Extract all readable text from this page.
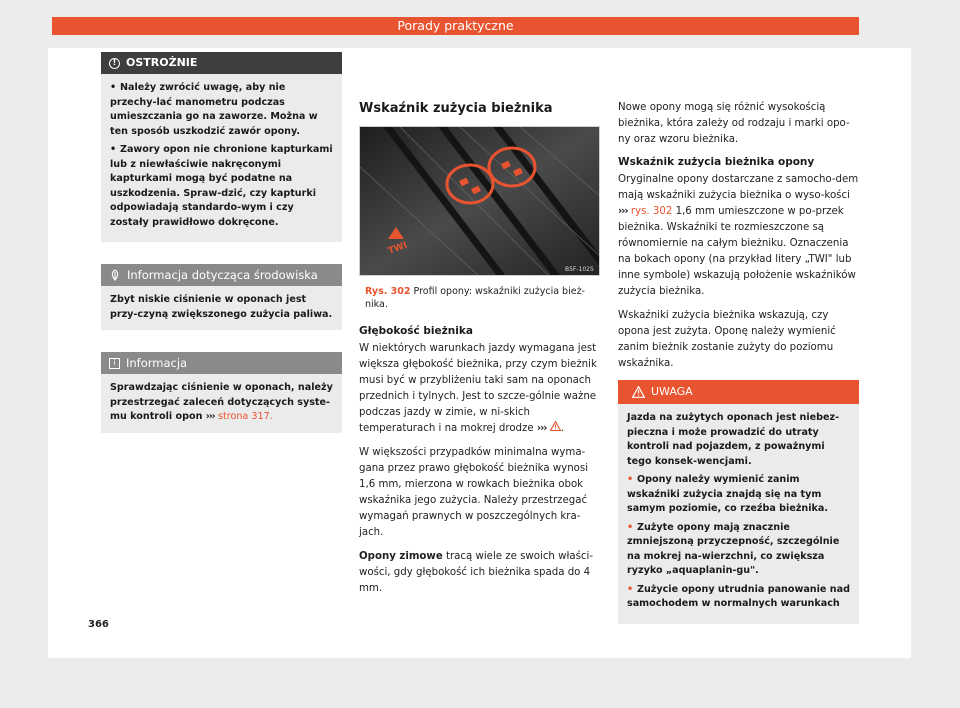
Porady praktyczne
! OSTROŻNIE
• Należy zwrócić uwagę, aby nie przechy-lać manometru podczas umieszczania go na zaworze. Można w ten sposób uszkodzić zawór opony.
• Zawory opon nie chronione kapturkami lub z niewłaściwie nakręconymi kapturkami mogą być podatne na uszkodzenia. Spraw-dzić, czy kapturki odpowiadają standardo-wym i czy zostały prawidłowo dokręcone.
Informacja dotycząca środowiska
Zbyt niskie ciśnienie w oponach jest przy-czyną zwiększonego zużycia paliwa.
i Informacja
Sprawdzając ciśnienie w oponach, należy przestrzegać zaleceń dotyczących syste-mu kontroli opon ››› strona 317.
Wskaźnik zużycia bieżnika
TWI
B5F-1025
Rys. 302 Profil opony: wskaźniki zużycia bież-nika.
Głębokość bieżnika
W niektórych warunkach jazdy wymagana jest większa głębokość bieżnika, przy czym bieżnik musi być w przybliżeniu taki sam na oponach przednich i tylnych. Jest to szcze-gólnie ważne podczas jazdy w zimie, w ni-skich temperaturach i na mokrej drodze ››› .
W większości przypadków minimalna wyma-gana przez prawo głębokość bieżnika wynosi 1,6 mm, mierzona w rowkach bieżnika obok wskaźnika jego zużycia. Należy przestrzegać wymagań prawnych w poszczególnych kra-jach.
Opony zimowe tracą wiele ze swoich właści-wości, gdy głębokość ich bieżnika spada do 4 mm.
Nowe opony mogą się różnić wysokością bieżnika, która zależy od rodzaju i marki opo-ny oraz wzoru bieżnika.
Wskaźnik zużycia bieżnika opony
Oryginalne opony dostarczane z samocho-dem mają wskaźniki zużycia bieżnika o wyso-kości ››› rys. 302 1,6 mm umieszczone w po-przek bieżnika. Wskaźniki te rozmieszczone są równomiernie na całym bieżniku. Oznaczenia na bokach opony (na przykład litery „TWI" lub inne symbole) wskazują położenie wskaźników zużycia bieżnika.
Wskaźniki zużycia bieżnika wskazują, czy opona jest zużyta. Oponę należy wymienić zanim bieżnik zostanie zużyty do poziomu wskaźnika.
UWAGA

Jazda na zużytych oponach jest niebez-pieczna i może prowadzić do utraty kontroli nad pojazdem, z poważnymi tego konsek-wencjami.

• Opony należy wymienić zanim wskaźniki zużycia znajdą się na tym samym poziomie, co rzeźba bieżnika.
• Zużyte opony mają znacznie zmniejszoną przyczepność, szczególnie na mokrej na-wierzchni, co zwiększa ryzyko „aquaplanin-gu".
• Zużycie opony utrudnia panowanie nad samochodem w normalnych warunkach
366
